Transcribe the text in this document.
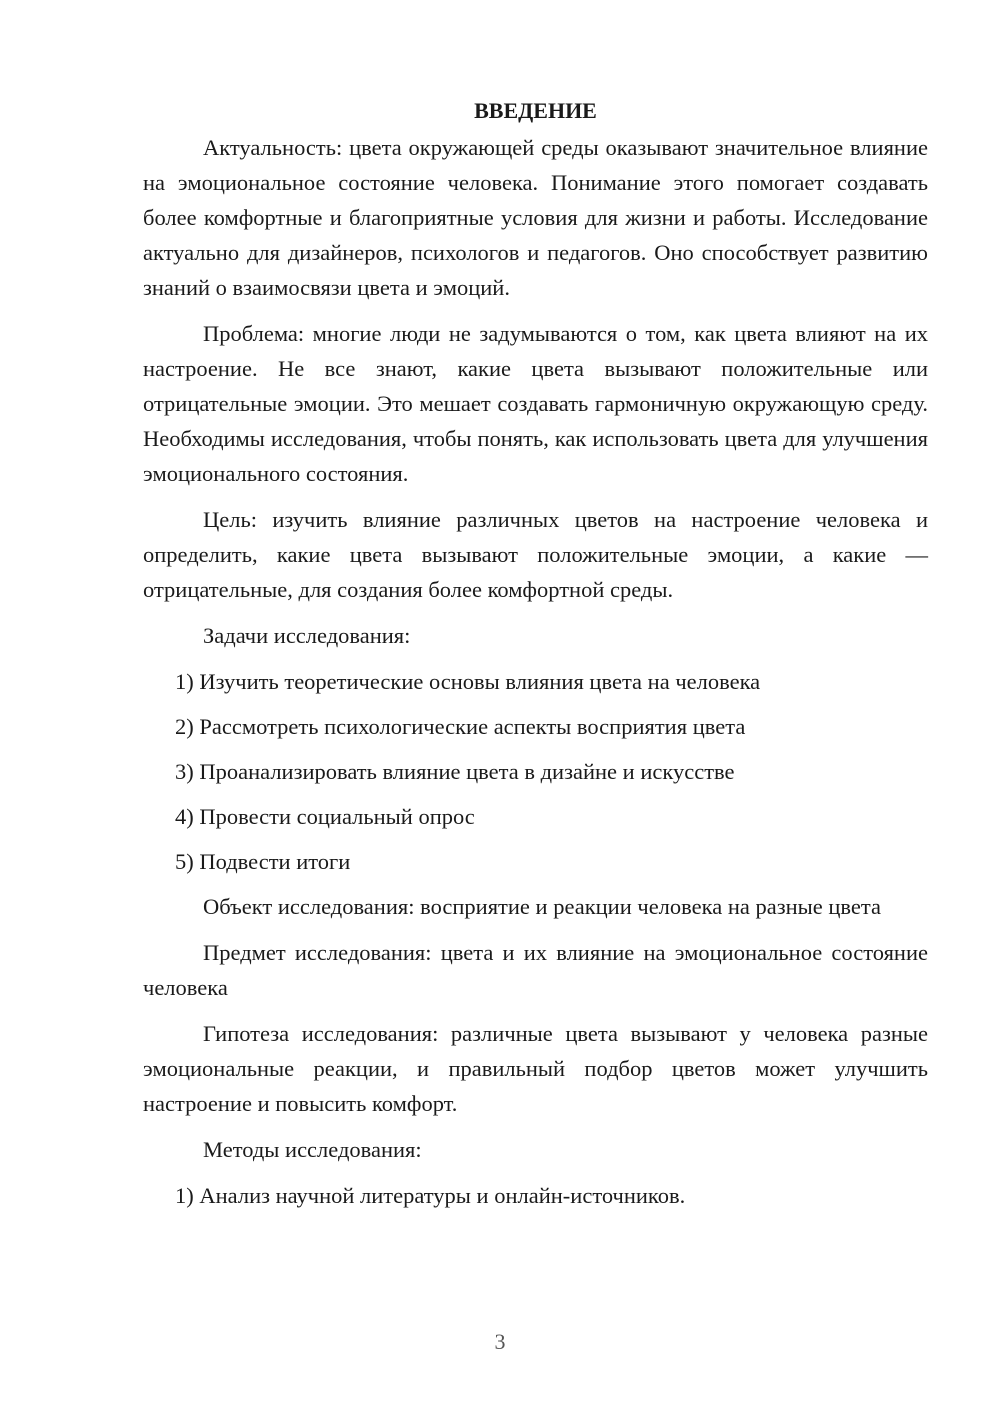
ВВЕДЕНИЕ

Актуальность: цвета окружающей среды оказывают значительное влияние на эмоциональное состояние человека. Понимание этого помогает создавать более комфортные и благоприятные условия для жизни и работы. Исследование актуально для дизайнеров, психологов и педагогов. Оно способствует развитию знаний о взаимосвязи цвета и эмоций.

Проблема: многие люди не задумываются о том, как цвета влияют на их настроение. Не все знают, какие цвета вызывают положительные или отрицательные эмоции. Это мешает создавать гармоничную окружающую среду. Необходимы исследования, чтобы понять, как использовать цвета для улучшения эмоционального состояния.

Цель: изучить влияние различных цветов на настроение человека и определить, какие цвета вызывают положительные эмоции, а какие — отрицательные, для создания более комфортной среды.

Задачи исследования:

1) Изучить теоретические основы влияния цвета на человека
2) Рассмотреть психологические аспекты восприятия цвета
3) Проанализировать влияние цвета в дизайне и искусстве
4) Провести социальный опрос
5) Подвести итоги

Объект исследования: восприятие и реакции человека на разные цвета

Предмет исследования: цвета и их влияние на эмоциональное состояние человека

Гипотеза исследования: различные цвета вызывают у человека разные эмоциональные реакции, и правильный подбор цветов может улучшить настроение и повысить комфорт.

Методы исследования:

1) Анализ научной литературы и онлайн-источников.
3
